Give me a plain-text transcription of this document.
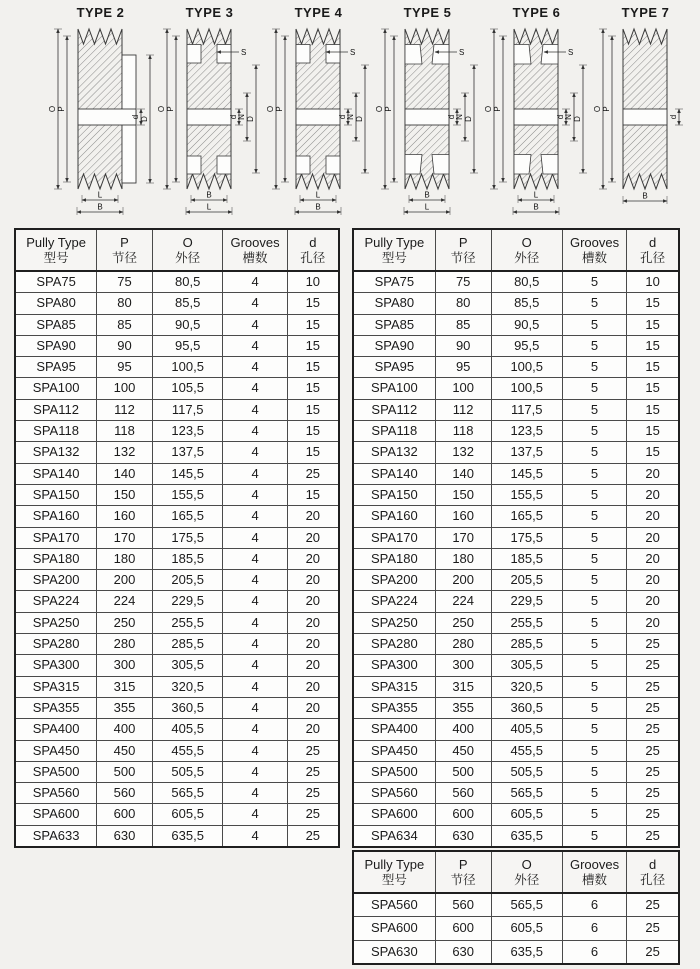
TYPE 2
O P
d D
L
B
TYPE 3
O P
d N D
S
B
L
TYPE 4
O P
d N D
S
L
B
TYPE 5
O P
d N D
S
B
L
TYPE 6
O P
d N D
S
L
B
TYPE 7
O P
d
B
Pully Type
型号

P
节径

O
外径

Grooves
槽数

d
孔径

SPA75	75	80,5	4	10
SPA80	80	85,5	4	15
SPA85	85	90,5	4	15
SPA90	90	95,5	4	15
SPA95	95	100,5	4	15
SPA100	100	105,5	4	15
SPA112	112	117,5	4	15
SPA118	118	123,5	4	15
SPA132	132	137,5	4	15
SPA140	140	145,5	4	25
SPA150	150	155,5	4	15
SPA160	160	165,5	4	20
SPA170	170	175,5	4	20
SPA180	180	185,5	4	20
SPA200	200	205,5	4	20
SPA224	224	229,5	4	20
SPA250	250	255,5	4	20
SPA280	280	285,5	4	20
SPA300	300	305,5	4	20
SPA315	315	320,5	4	20
SPA355	355	360,5	4	20
SPA400	400	405,5	4	20
SPA450	450	455,5	4	25
SPA500	500	505,5	4	25
SPA560	560	565,5	4	25
SPA600	600	605,5	4	25
SPA633	630	635,5	4	25
Pully Type
型号

P
节径

O
外径

Grooves
槽数

d
孔径

SPA75	75	80,5	5	10
SPA80	80	85,5	5	15
SPA85	85	90,5	5	15
SPA90	90	95,5	5	15
SPA95	95	100,5	5	15
SPA100	100	100,5	5	15
SPA112	112	117,5	5	15
SPA118	118	123,5	5	15
SPA132	132	137,5	5	15
SPA140	140	145,5	5	20
SPA150	150	155,5	5	20
SPA160	160	165,5	5	20
SPA170	170	175,5	5	20
SPA180	180	185,5	5	20
SPA200	200	205,5	5	20
SPA224	224	229,5	5	20
SPA250	250	255,5	5	20
SPA280	280	285,5	5	25
SPA300	300	305,5	5	25
SPA315	315	320,5	5	25
SPA355	355	360,5	5	25
SPA400	400	405,5	5	25
SPA450	450	455,5	5	25
SPA500	500	505,5	5	25
SPA560	560	565,5	5	25
SPA600	600	605,5	5	25
SPA634	630	635,5	5	25
Pully Type
型号

P
节径

O
外径

Grooves
槽数

d
孔径

SPA560	560	565,5	6	25
SPA600	600	605,5	6	25
SPA630	630	635,5	6	25
